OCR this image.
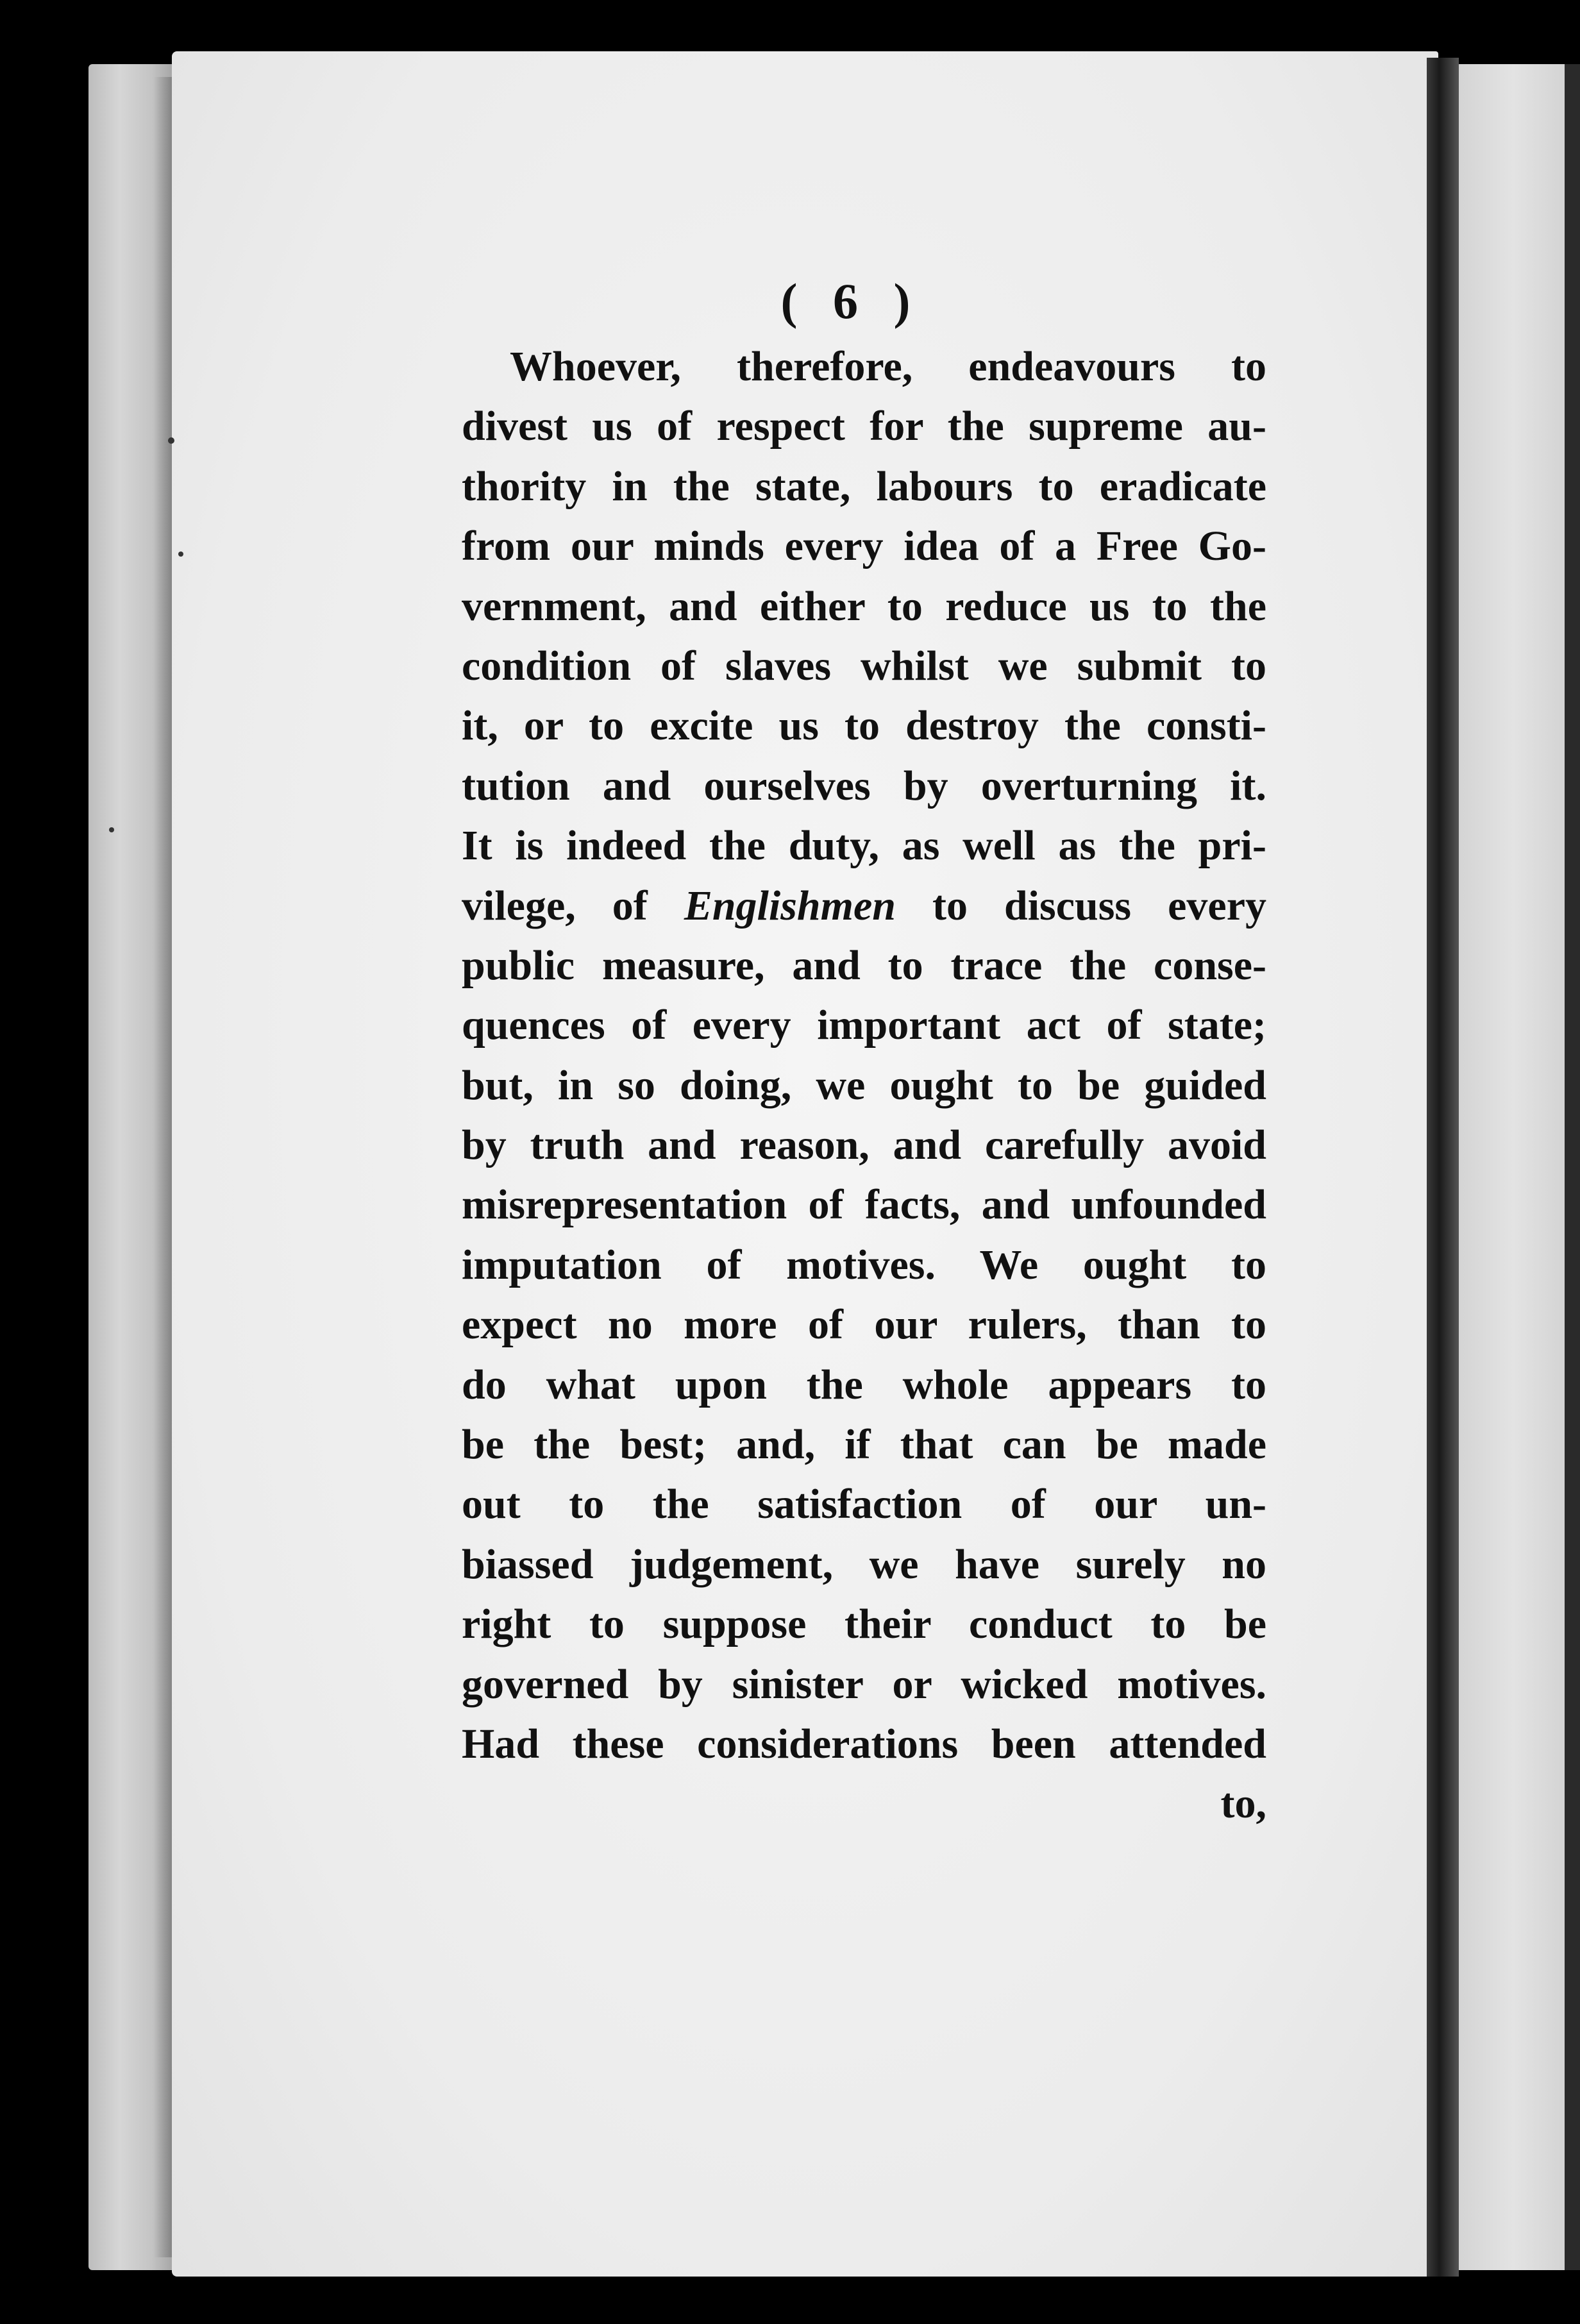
( 6 )
Whoever, therefore, endeavours to
divest us of respect for the supreme au-
thority in the state, labours to eradicate
from our minds every idea of a Free Go-
vernment, and either to reduce us to the
condition of slaves whilst we submit to
it, or to excite us to destroy the consti-
tution and ourselves by overturning it.
It is indeed the duty, as well as the pri-
vilege, of Englishmen to discuss every
public measure, and to trace the conse-
quences of every important act of state;
but, in so doing, we ought to be guided
by truth and reason, and carefully avoid
misrepresentation of facts, and unfounded
imputation of motives. We ought to
expect no more of our rulers, than to
do what upon the whole appears to
be the best; and, if that can be made
out to the satisfaction of our un-
biassed judgement, we have surely no
right to suppose their conduct to be
governed by sinister or wicked motives.
Had these considerations been attended
to,
